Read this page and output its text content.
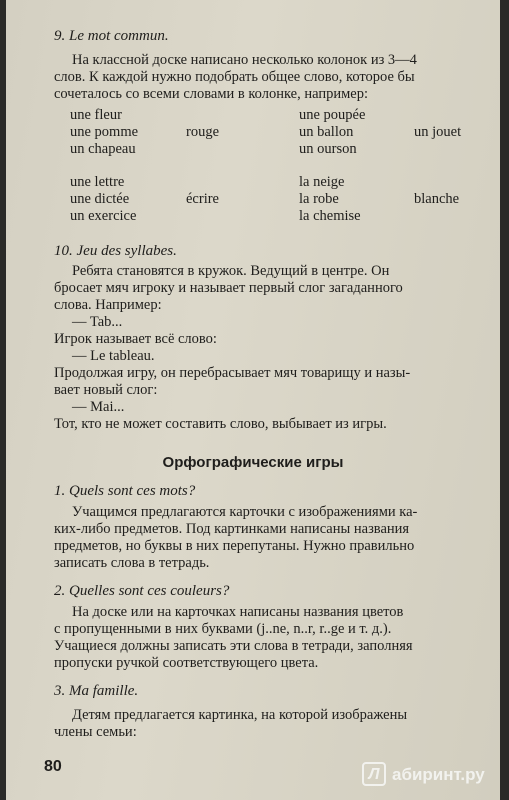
9. Le mot commun.
На классной доске написано несколько колонок из 3—4
слов. К каждой нужно подобрать общее слово, которое бы
сочеталось со всеми словами в колонке, например:
une fleur
une pomme
un chapeau
rouge
une poupée
un ballon
un ourson
un jouet
une lettre
une dictée
un exercice
écrire
la neige
la robe
la chemise
blanche
10. Jeu des syllabes.
Ребята становятся в кружок. Ведущий в центре. Он
бросает мяч игроку и называет первый слог загаданного
слова. Например:
— Tab...
Игрок называет всё слово:
— Le tableau.
Продолжая игру, он перебрасывает мяч товарищу и назы-
вает новый слог:
— Mai...
Тот, кто не может составить слово, выбывает из игры.
Орфографические игры
1. Quels sont ces mots?
Учащимся предлагаются карточки с изображениями ка-
ких-либо предметов. Под картинками написаны названия
предметов, но буквы в них перепутаны. Нужно правильно
записать слова в тетрадь.
2. Quelles sont ces couleurs?
На доске или на карточках написаны названия цветов
с пропущенными в них буквами (j..ne, n..r, r..ge и т. д.).
Учащиеся должны записать эти слова в тетради, заполняя
пропуски ручкой соответствующего цвета.
3. Ma famille.
Детям предлагается картинка, на которой изображены
члены семьи:
80	Л абиринт.ру
